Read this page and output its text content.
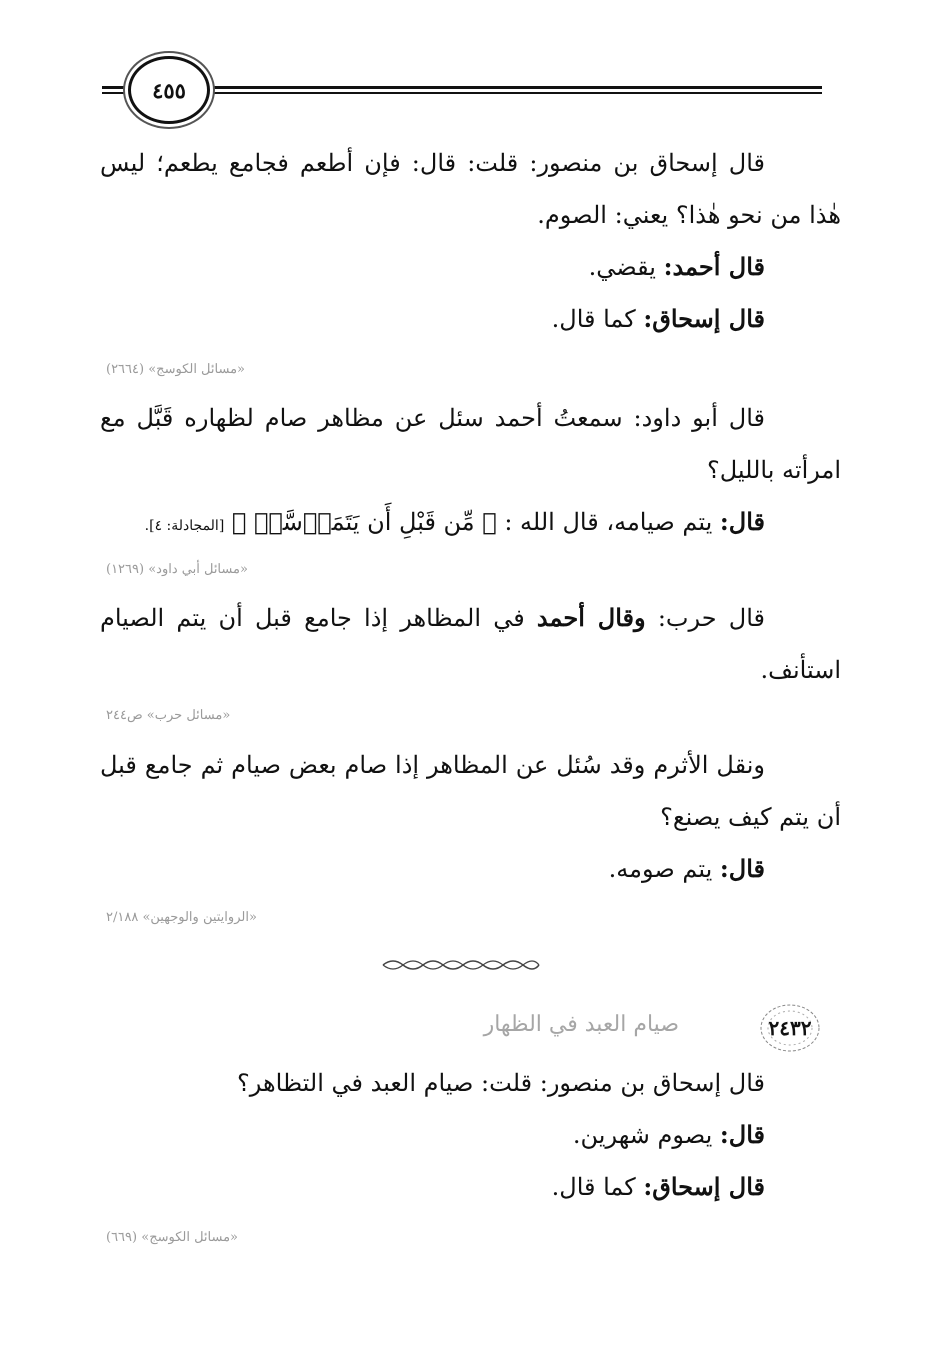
٤٥٥
قال إسحاق بن منصور: قلت: قال: فإن أطعم فجامع يطعم؛ ليس
هٰذا من نحو هٰذا؟ يعني: الصوم.
قال أحمد: يقضي.
قال إسحاق: كما قال.
«مسائل الكوسج» (٢٦٦٤)
قال أبو داود: سمعتُ أحمد سئل عن مظاهر صام لظهاره قَبَّل مع
امرأته بالليل؟
قال: يتم صيامه، قال الله : ﴿ مِّن قَبْلِ أَن يَتَمَاۤسَّاۚ ﴾ [المجادلة: ٤].
«مسائل أبي داود» (١٢٦٩)
قال حرب: وقال أحمد في المظاهر إذا جامع قبل أن يتم الصيام
استأنف.
«مسائل حرب» ص٢٤٤
ونقل الأثرم وقد سُئل عن المظاهر إذا صام بعض صيام ثم جامع قبل
أن يتم كيف يصنع؟
قال: يتم صومه.
«الروايتين والوجهين» ٢/١٨٨
٢٤٣٢
صيام العبد في الظهار
قال إسحاق بن منصور: قلت: صيام العبد في التظاهر؟
قال: يصوم شهرين.
قال إسحاق: كما قال.
«مسائل الكوسج» (٦٦٩)
